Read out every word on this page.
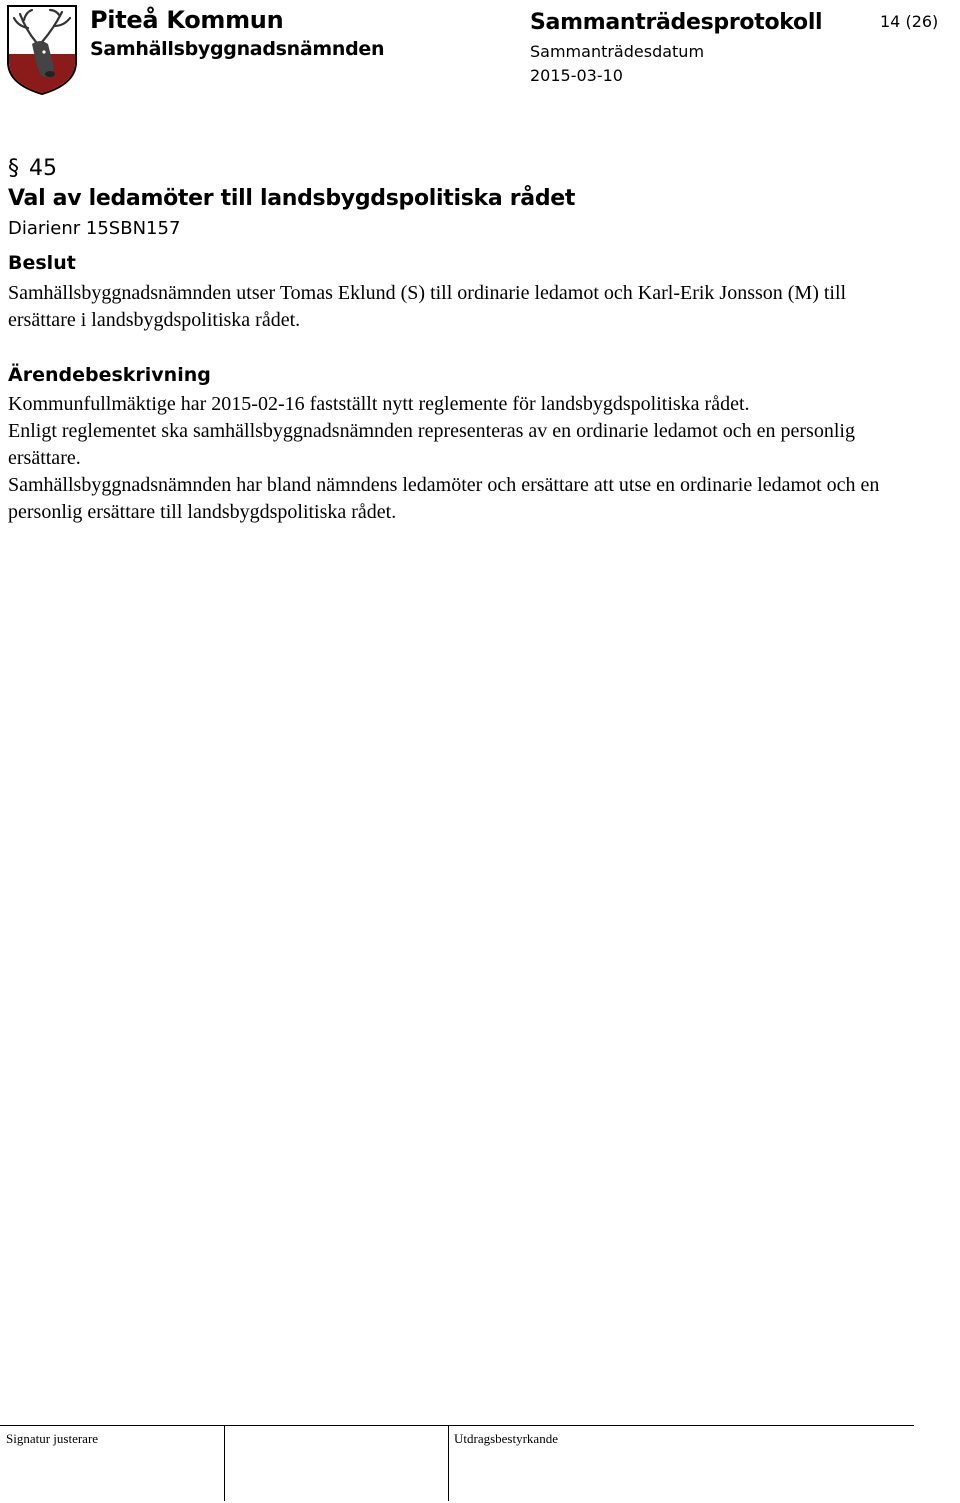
Piteå Kommun
Samhällsbyggnadsnämnden
Sammanträdesprotokoll
Sammanträdesdatum
2015-03-10
14 (26)
§ 45
Val av ledamöter till landsbygdspolitiska rådet
Diarienr 15SBN157
Beslut
Samhällsbyggnadsnämnden utser Tomas Eklund (S) till ordinarie ledamot och Karl-Erik Jonsson (M) till ersättare i landsbygdspolitiska rådet.
Ärendebeskrivning

Kommunfullmäktige har 2015-02-16 fastställt nytt reglemente för landsbygdspolitiska rådet.

Enligt reglementet ska samhällsbyggnadsnämnden representeras av en ordinarie ledamot och en personlig ersättare.

Samhällsbyggnadsnämnden har bland nämndens ledamöter och ersättare att utse en ordinarie ledamot och en personlig ersättare till landsbygdspolitiska rådet.

Signatur justerare	Utdragsbestyrkande
